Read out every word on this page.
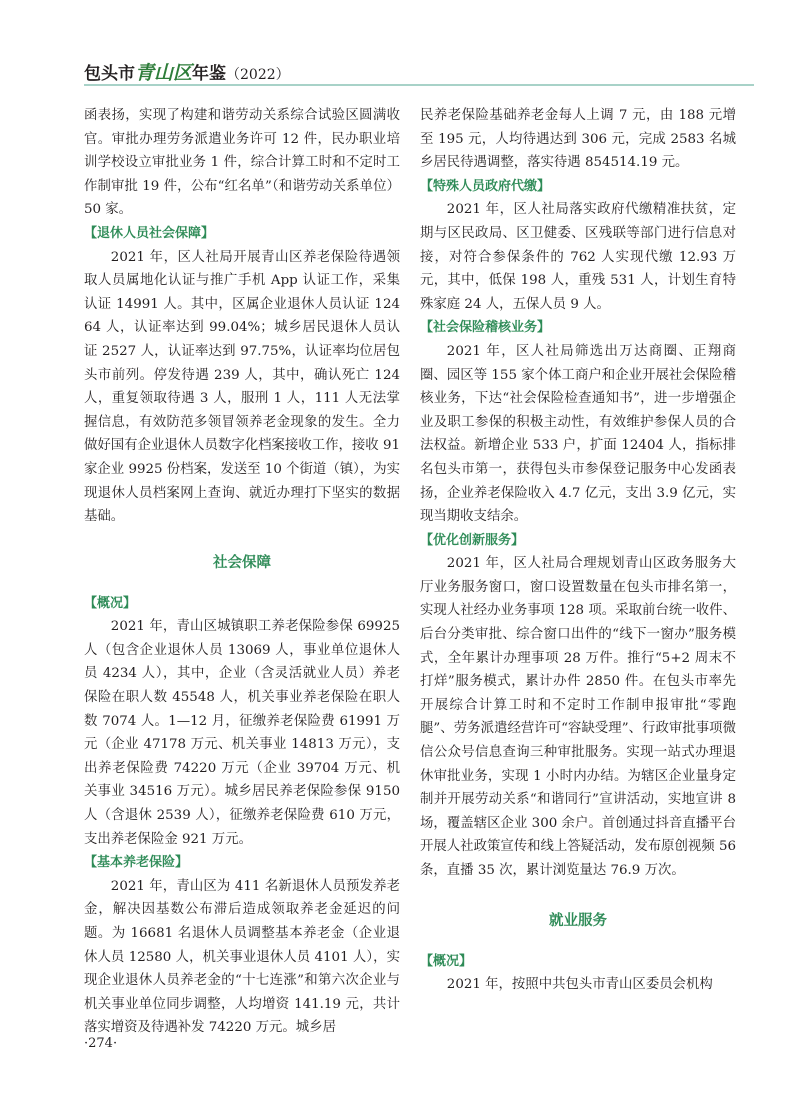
包头市青山区年鉴（2022）

函表扬，实现了构建和谐劳动关系综合试验区圆满收官。审批办理劳务派遣业务许可 12 件，民办职业培训学校设立审批业务 1 件，综合计算工时和不定时工作制审批 19 件，公布“红名单”（和谐劳动关系单位）50 家。

【退休人员社会保障】

2021 年，区人社局开展青山区养老保险待遇领取人员属地化认证与推广手机 App 认证工作，采集认证 14991 人。其中，区属企业退休人员认证 12464 人，认证率达到 99.04%；城乡居民退休人员认证 2527 人，认证率达到 97.75%，认证率均位居包头市前列。停发待遇 239 人，其中，确认死亡 124 人，重复领取待遇 3 人，服刑 1 人，111 人无法掌握信息，有效防范多领冒领养老金现象的发生。全力做好国有企业退休人员数字化档案接收工作，接收 91 家企业 9925 份档案，发送至 10 个街道（镇），为实现退休人员档案网上查询、就近办理打下坚实的数据基础。

社会保障

【概况】

2021 年，青山区城镇职工养老保险参保 69925 人（包含企业退休人员 13069 人，事业单位退休人员 4234 人），其中，企业（含灵活就业人员）养老保险在职人数 45548 人，机关事业养老保险在职人数 7074 人。1—12 月，征缴养老保险费 61991 万元（企业 47178 万元、机关事业 14813 万元），支出养老保险费 74220 万元（企业 39704 万元、机关事业 34516 万元）。城乡居民养老保险参保 9150 人（含退休 2539 人），征缴养老保险费 610 万元，支出养老保险金 921 万元。

【基本养老保险】

2021 年，青山区为 411 名新退休人员预发养老金，解决因基数公布滞后造成领取养老金延迟的问题。为 16681 名退休人员调整基本养老金（企业退休人员 12580 人，机关事业退休人员 4101 人），实现企业退休人员养老金的“十七连涨”和第六次企业与机关事业单位同步调整，人均增资 141.19 元，共计落实增资及待遇补发 74220 万元。城乡居

民养老保险基础养老金每人上调 7 元，由 188 元增至 195 元，人均待遇达到 306 元，完成 2583 名城乡居民待遇调整，落实待遇 854514.19 元。

【特殊人员政府代缴】

2021 年，区人社局落实政府代缴精准扶贫，定期与区民政局、区卫健委、区残联等部门进行信息对接，对符合参保条件的 762 人实现代缴 12.93 万元，其中，低保 198 人，重残 531 人，计划生育特殊家庭 24 人，五保人员 9 人。

【社会保险稽核业务】

2021 年，区人社局筛选出万达商圈、正翔商圈、园区等 155 家个体工商户和企业开展社会保险稽核业务，下达“社会保险检查通知书”，进一步增强企业及职工参保的积极主动性，有效维护参保人员的合法权益。新增企业 533 户，扩面 12404 人，指标排名包头市第一，获得包头市参保登记服务中心发函表扬，企业养老保险收入 4.7 亿元，支出 3.9 亿元，实现当期收支结余。

【优化创新服务】

2021 年，区人社局合理规划青山区政务服务大厅业务服务窗口，窗口设置数量在包头市排名第一，实现人社经办业务事项 128 项。采取前台统一收件、后台分类审批、综合窗口出件的“线下一窗办”服务模式，全年累计办理事项 28 万件。推行“5+2 周末不打烊”服务模式，累计办件 2850 件。在包头市率先开展综合计算工时和不定时工作制申报审批“零跑腿”、劳务派遣经营许可“容缺受理”、行政审批事项微信公众号信息查询三种审批服务。实现一站式办理退休审批业务，实现 1 小时内办结。为辖区企业量身定制并开展劳动关系“和谐同行”宣讲活动，实地宣讲 8 场，覆盖辖区企业 300 余户。首创通过抖音直播平台开展人社政策宣传和线上答疑活动，发布原创视频 56 条，直播 35 次，累计浏览量达 76.9 万次。

就业服务

【概况】

2021 年，按照中共包头市青山区委员会机构

·274·
